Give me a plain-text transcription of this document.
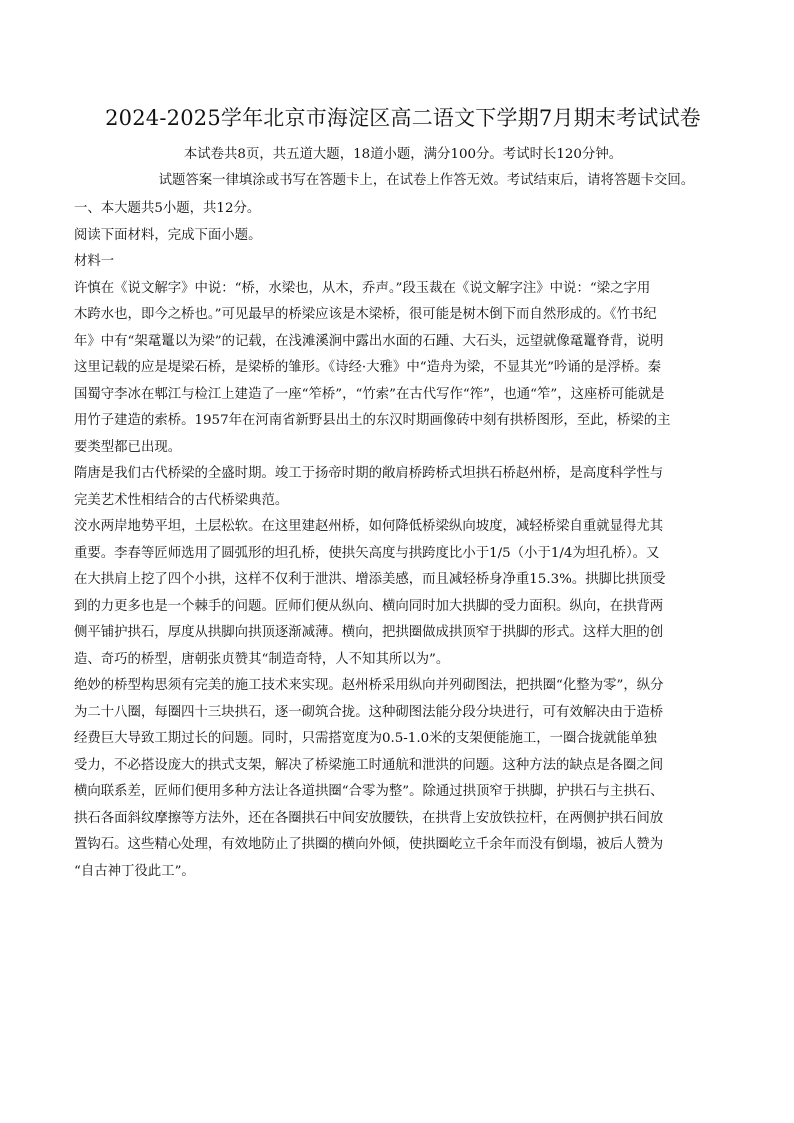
2024-2025学年北京市海淀区高二语文下学期7月期末考试试卷

本试卷共8页，共五道大题，18道小题，满分100分。考试时长120分钟。

试题答案一律填涂或书写在答题卡上，在试卷上作答无效。考试结束后，请将答题卡交回。

一、本大题共5小题，共12分。

阅读下面材料，完成下面小题。

材料一

许慎在《说文解字》中说：“桥，水梁也，从木，乔声。”段玉裁在《说文解字注》中说：“梁之字用
木跨水也，即今之桥也。”可见最早的桥梁应该是木梁桥，很可能是树木倒下而自然形成的。《竹书纪
年》中有“架鼋鼍以为梁”的记载，在浅滩溪涧中露出水面的石踵、大石头，远望就像鼋鼍脊背，说明
这里记载的应是堤梁石桥，是梁桥的雏形。《诗经·大雅》中“造舟为梁，不显其光”吟诵的是浮桥。秦
国蜀守李冰在郫江与检江上建造了一座“笮桥”，“竹索”在古代写作“筰”，也通“笮”，这座桥可能就是
用竹子建造的索桥。1957年在河南省新野县出土的东汉时期画像砖中刻有拱桥图形，至此，桥梁的主
要类型都已出现。
隋唐是我们古代桥梁的全盛时期。竣工于扬帝时期的敞肩桥跨桥式坦拱石桥赵州桥，是高度科学性与
完美艺术性相结合的古代桥梁典范。
洨水两岸地势平坦，土层松软。在这里建赵州桥，如何降低桥梁纵向坡度，减轻桥梁自重就显得尤其
重要。李春等匠师选用了圆弧形的坦孔桥，使拱矢高度与拱跨度比小于1/5（小于1/4为坦孔桥）。又
在大拱肩上挖了四个小拱，这样不仅利于泄洪、增添美感，而且减轻桥身净重15.3%。拱脚比拱顶受
到的力更多也是一个棘手的问题。匠师们便从纵向、横向同时加大拱脚的受力面积。纵向，在拱背两
侧平铺护拱石，厚度从拱脚向拱顶逐渐减薄。横向，把拱圈做成拱顶窄于拱脚的形式。这样大胆的创
造、奇巧的桥型，唐朝张贞赞其“制造奇特，人不知其所以为”。
绝妙的桥型构思须有完美的施工技术来实现。赵州桥采用纵向并列砌图法，把拱圈“化整为零”，纵分
为二十八圈，每圈四十三块拱石，逐一砌筑合拢。这种砌图法能分段分块进行，可有效解决由于造桥
经费巨大导致工期过长的问题。同时，只需搭宽度为0.5-1.0米的支架便能施工，一圈合拢就能单独
受力，不必搭设庞大的拱式支架，解决了桥梁施工时通航和泄洪的问题。这种方法的缺点是各圈之间
横向联系差，匠师们便用多种方法让各道拱圈“合零为整”。除通过拱顶窄于拱脚，护拱石与主拱石、
拱石各面斜纹摩擦等方法外，还在各圈拱石中间安放腰铁，在拱背上安放铁拉杆，在两侧护拱石间放
置钩石。这些精心处理，有效地防止了拱圈的横向外倾，使拱圈屹立千余年而没有倒塌，被后人赞为
“自古神丁役此工”。
